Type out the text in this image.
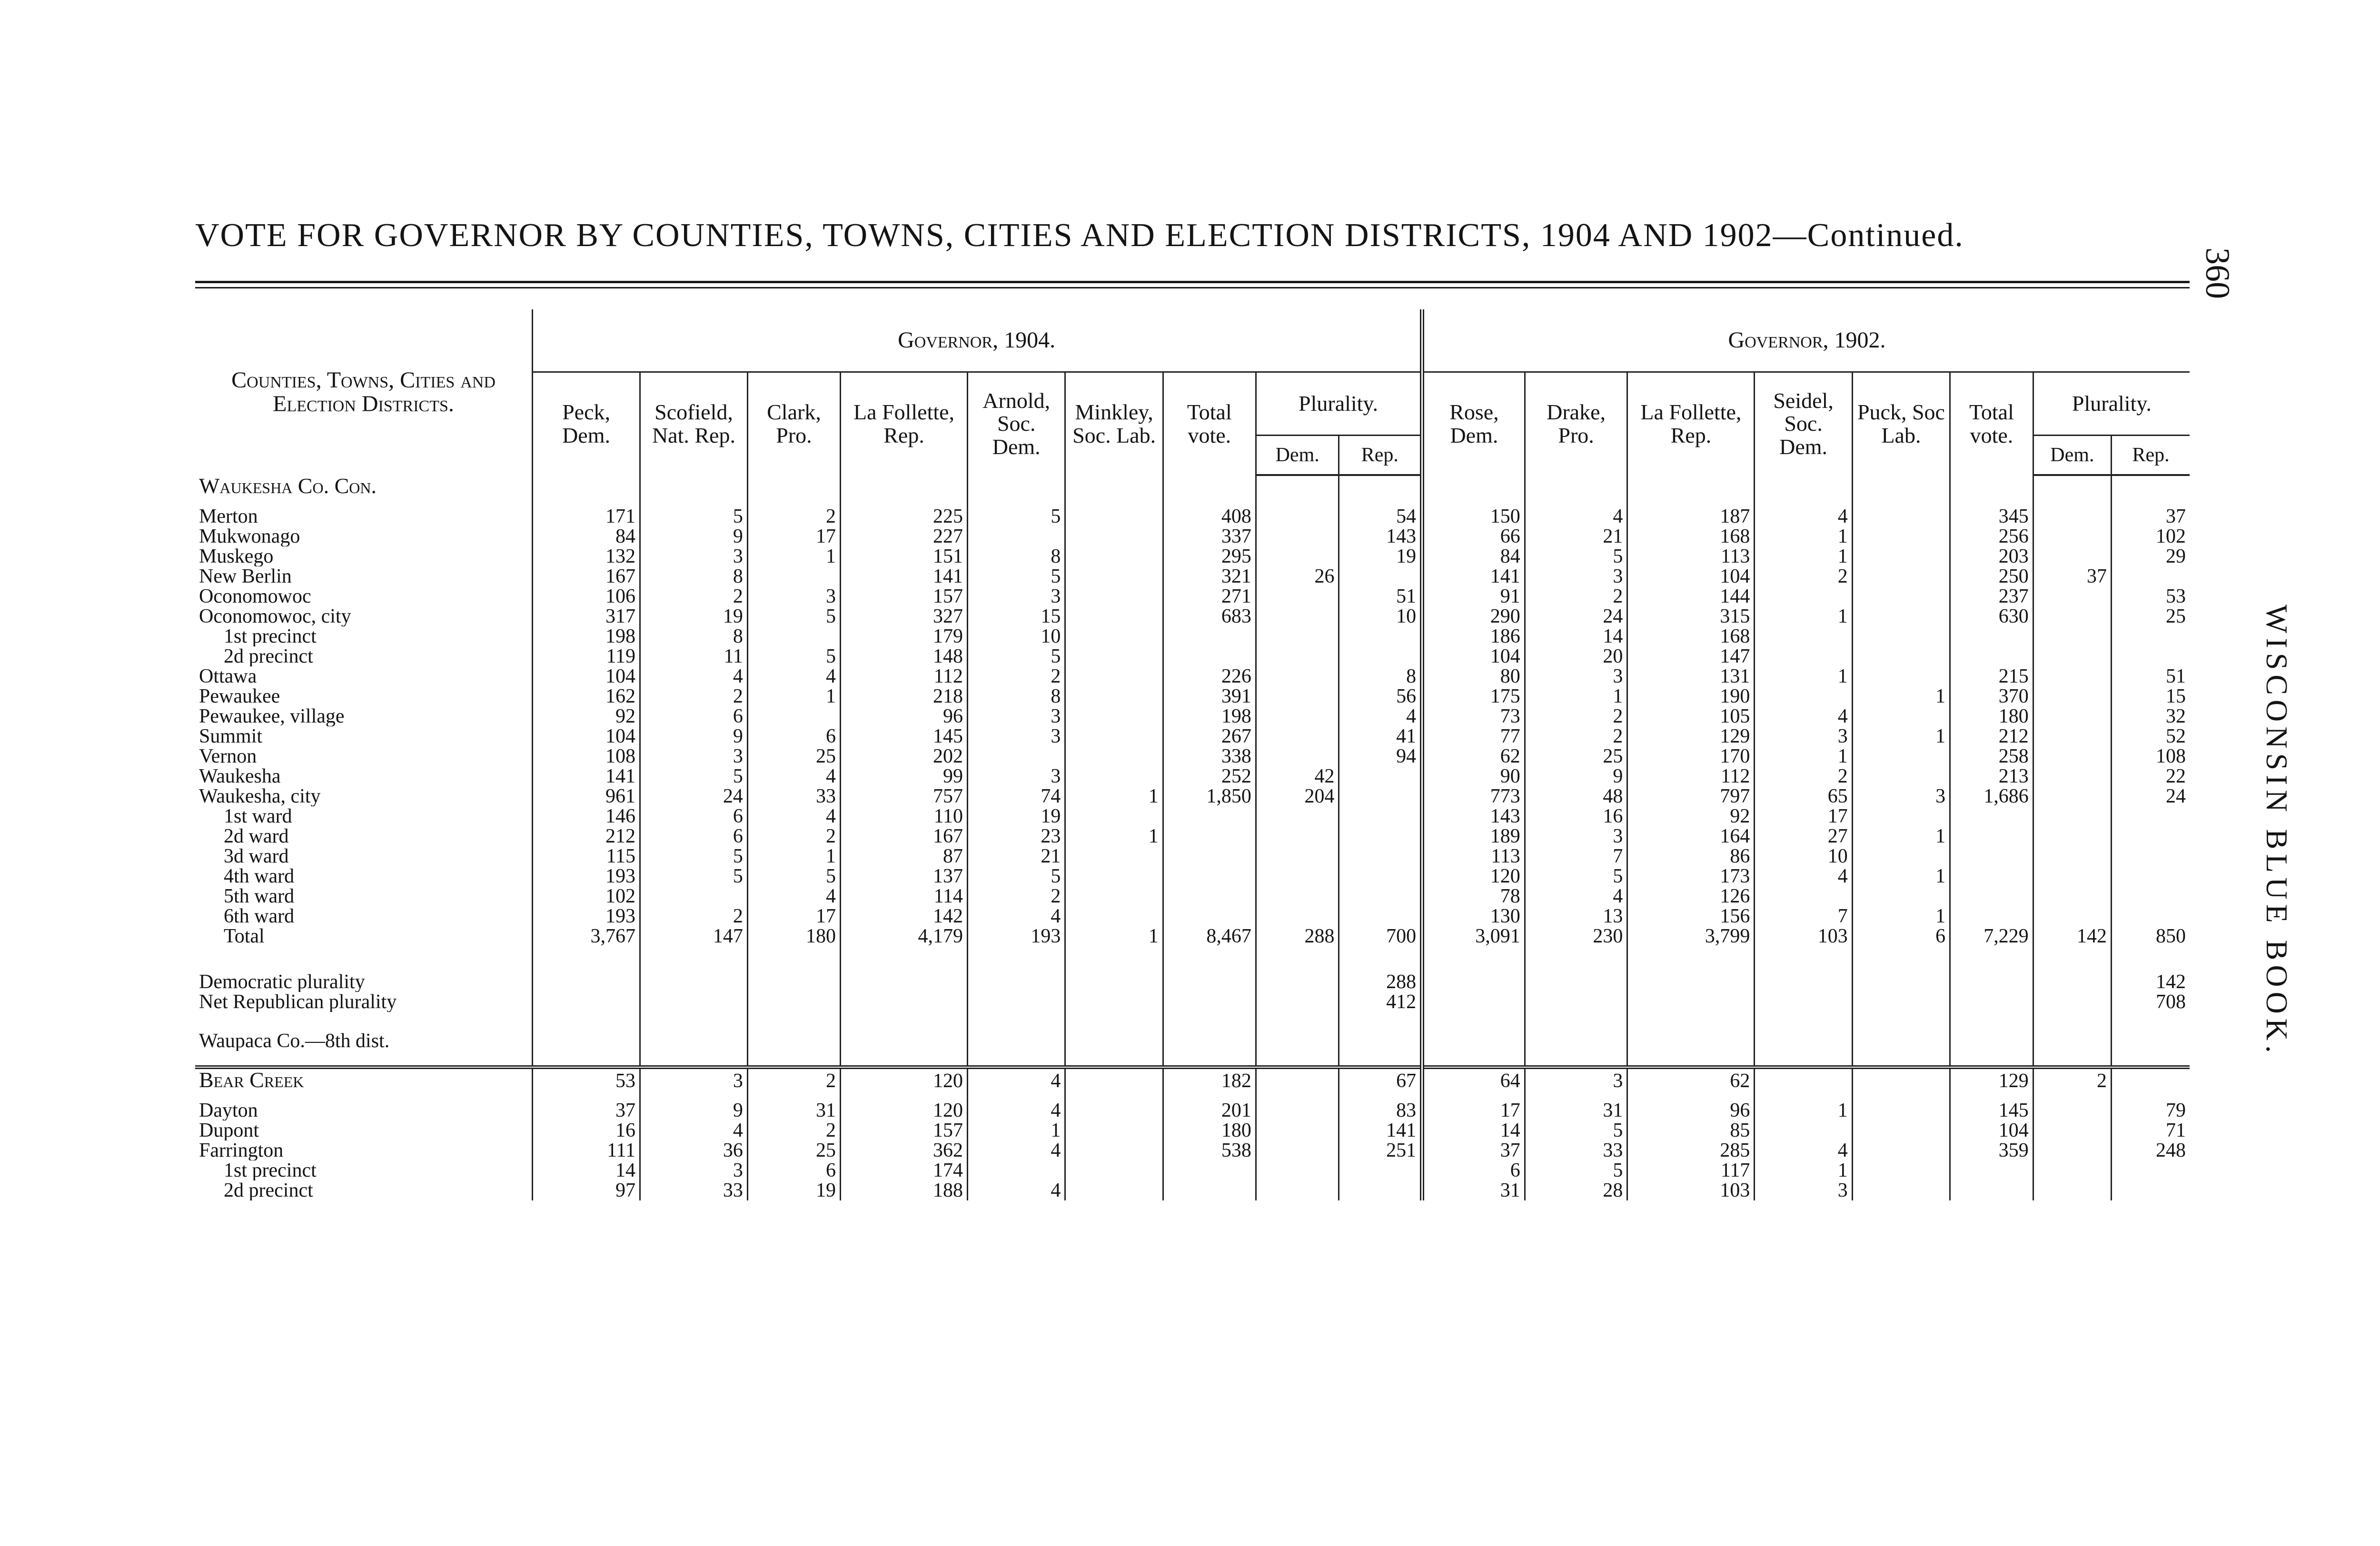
VOTE FOR GOVERNOR BY COUNTIES, TOWNS, CITIES AND ELECTION DISTRICTS, 1904 AND 1902—Continued.
360
WISCONSIN BLUE BOOK.
Counties, Towns, Cities and Election Districts.	Governor, 1904.									Governor, 1902.							
	Peck, Dem.	Scofield, Nat. Rep.	Clark, Pro.	La Follette, Rep.	Arnold, Soc. Dem.	Minkley, Soc. Lab.	Total vote.	Plurality.		Rose, Dem.	Drake, Pro.	La Follette, Rep.	Seidel, Soc. Dem.	Puck, Soc Lab.	Total vote.	Plurality.	
								Dem.	Rep.							Dem.	Rep.
Waukesha Co. Con.																	
Merton	171	5	2	225	5		408		54	150	4	187	4		345		37
Mukwonago	84	9	17	227			337		143	66	21	168	1		256		102
Muskego	132	3	1	151	8		295		19	84	5	113	1		203		29
New Berlin	167	8		141	5		321	26		141	3	104	2		250	37	
Oconomowoc	106	2	3	157	3		271		51	91	2	144			237		53
Oconomowoc, city	317	19	5	327	15		683		10	290	24	315	1		630		25
1st precinct	198	8		179	10					186	14	168					
2d precinct	119	11	5	148	5					104	20	147					
Ottawa	104	4	4	112	2		226		8	80	3	131	1		215		51
Pewaukee	162	2	1	218	8		391		56	175	1	190		1	370		15
Pewaukee, village	92	6		96	3		198		4	73	2	105	4		180		32
Summit	104	9	6	145	3		267		41	77	2	129	3	1	212		52
Vernon	108	3	25	202			338		94	62	25	170	1		258		108
Waukesha	141	5	4	99	3		252	42		90	9	112	2		213		22
Waukesha, city	961	24	33	757	74	1	1,850	204		773	48	797	65	3	1,686		24
1st ward	146	6	4	110	19					143	16	92	17				
2d ward	212	6	2	167	23	1				189	3	164	27	1			
3d ward	115	5	1	87	21					113	7	86	10				
4th ward	193	5	5	137	5					120	5	173	4	1			
5th ward	102		4	114	2					78	4	126					
6th ward	193	2	17	142	4					130	13	156	7	1			
Total	3,767	147	180	4,179	193	1	8,467	288	700	3,091	230	3,799	103	6	7,229	142	850

Democratic plurality									288								142
Net Republican plurality									412								708

Waupaca Co.—8th dist.																	

Bear Creek	53	3	2	120	4		182		67	64	3	62			129	2	
Dayton	37	9	31	120	4		201		83	17	31	96	1		145		79
Dupont	16	4	2	157	1		180		141	14	5	85			104		71
Farrington	111	36	25	362	4		538		251	37	33	285	4		359		248
1st precinct	14	3	6	174						6	5	117	1				
2d precinct	97	33	19	188	4					31	28	103	3				
